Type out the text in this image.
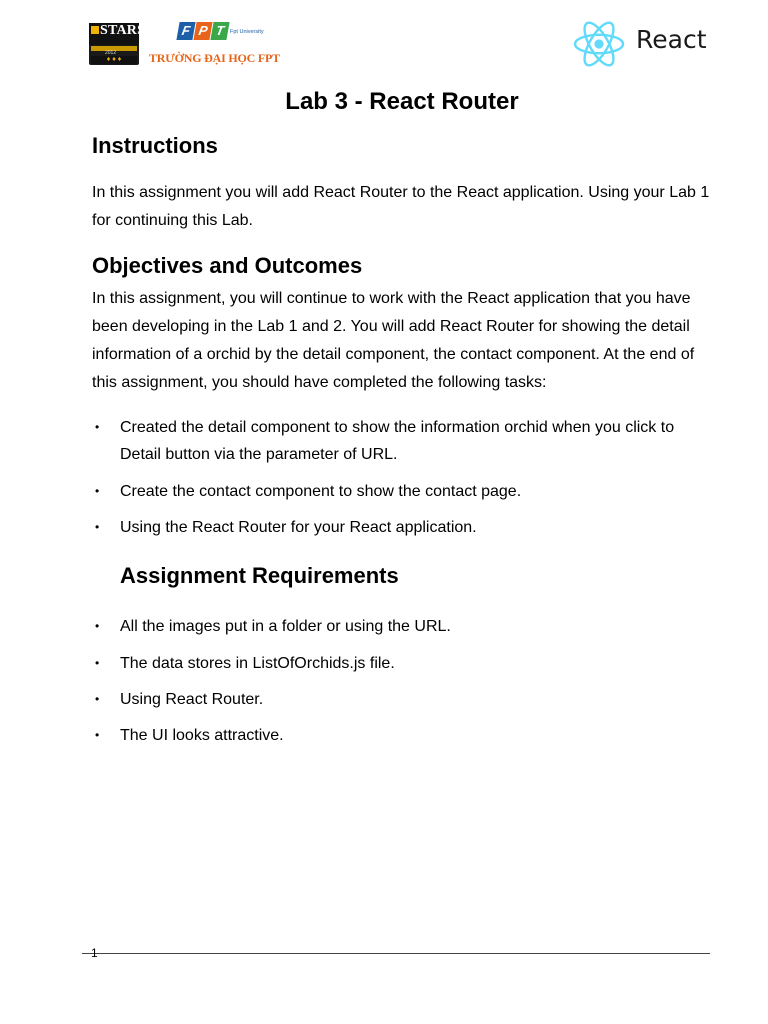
STARS
2012
♦ ♦ ♦
F P T Fpt University
TRƯỜNG ĐẠI HỌC FPT
React
Lab 3 - React Router
Instructions

In this assignment you will add React Router to the React application. Using your Lab 1 for continuing this Lab.

Objectives and Outcomes

In this assignment, you will continue to work with the React application that you have been developing in the Lab 1 and 2. You will add React Router for showing the detail information of a orchid by the detail component, the contact component. At the end of this assignment, you should have completed the following tasks:

• Created the detail component to show the information orchid when you click to Detail button via the parameter of URL.
• Create the contact component to show the contact page.
• Using the React Router for your React application.
Assignment Requirements
• All the images put in a folder or using the URL.
• The data stores in ListOfOrchids.js file.
• Using React Router.
• The UI looks attractive.
1
